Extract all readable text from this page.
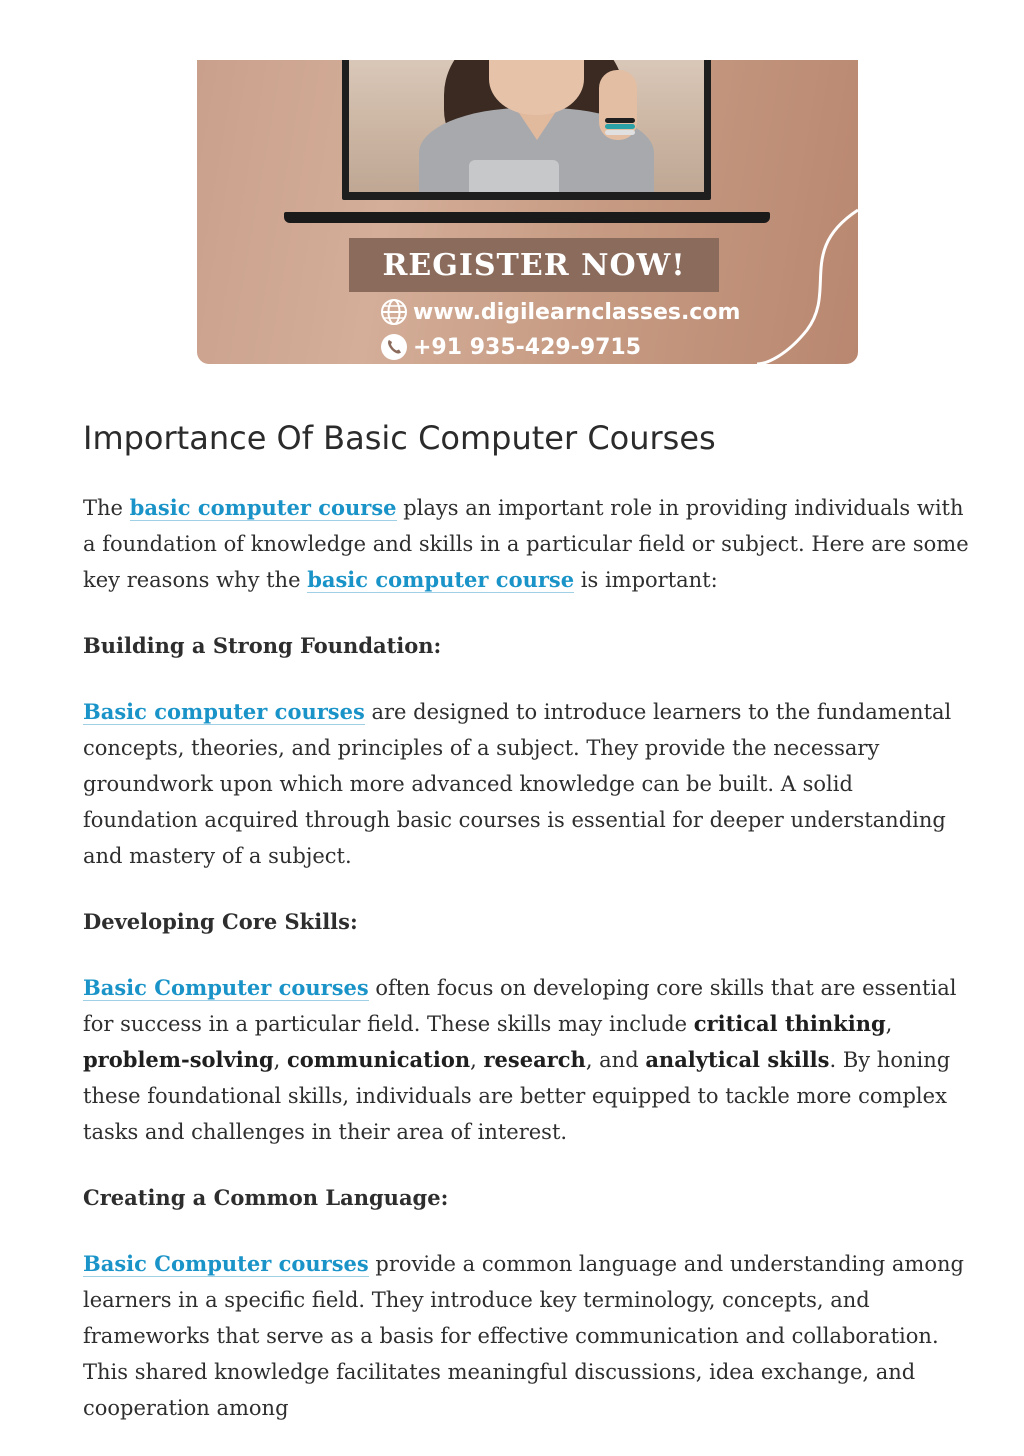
REGISTER NOW!
www.digilearnclasses.com
+91 935-429-9715
Importance Of Basic Computer Courses

The basic computer course plays an important role in providing individuals with a foundation of knowledge and skills in a particular field or subject. Here are some key reasons why the basic computer course is important:

Building a Strong Foundation:

Basic computer courses are designed to introduce learners to the fundamental concepts, theories, and principles of a subject. They provide the necessary groundwork upon which more advanced knowledge can be built. A solid foundation acquired through basic courses is essential for deeper understanding and mastery of a subject.

Developing Core Skills:

Basic Computer courses often focus on developing core skills that are essential for success in a particular field. These skills may include critical thinking, problem-solving, communication, research, and analytical skills. By honing these foundational skills, individuals are better equipped to tackle more complex tasks and challenges in their area of interest.

Creating a Common Language:

Basic Computer courses provide a common language and understanding among learners in a specific field. They introduce key terminology, concepts, and frameworks that serve as a basis for effective communication and collaboration. This shared knowledge facilitates meaningful discussions, idea exchange, and cooperation among
